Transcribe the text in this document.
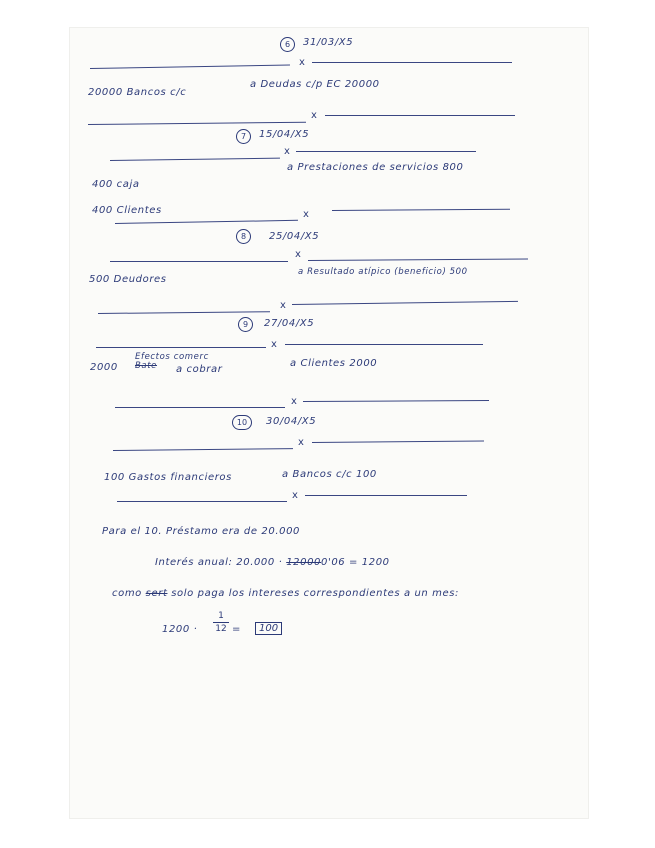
6	31/03/X5
x
20000 Bancos c/c
a Deudas c/p EC 20000
x
7	15/04/X5
x
a Prestaciones de servicios 800
400 caja
400 Clientes	x
8	25/04/X5
x
500 Deudores
a Resultado atípico (beneficio) 500
x
9	27/04/X5
x
Efectos comerc
2000 Bate a cobrar
a Clientes 2000
x
10	30/04/X5
x
100 Gastos financieros	a Bancos c/c 100
x
Para el 10. Préstamo era de 20.000
Interés anual: 20.000 · 120000'06 = 1200
como sert solo paga los intereses correspondientes a un mes:
1200 ·
1
12 =	100
